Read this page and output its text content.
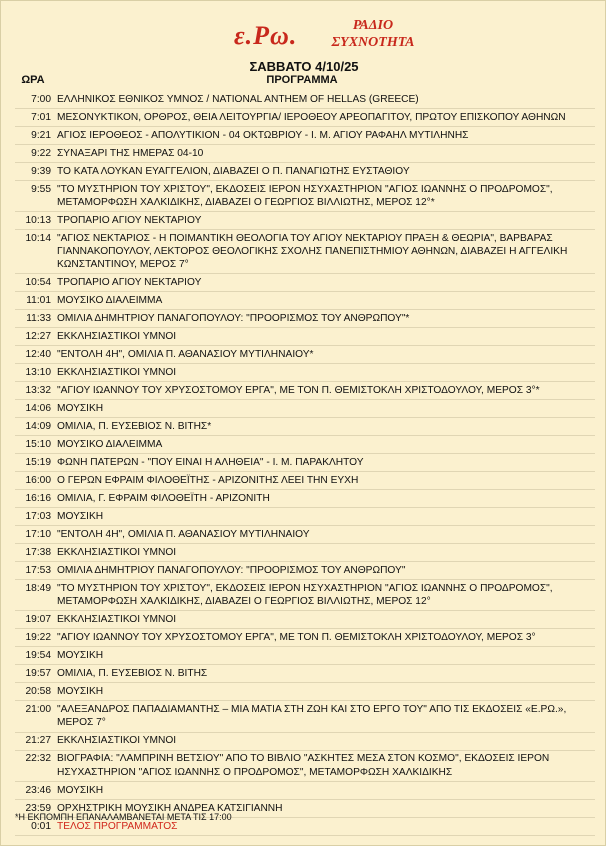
ε.Ρω.	ΡΑΔΙΟ
ΣΥΧΝΟΤΗΤΑ
ΣΑΒΒΑΤΟ 4/10/25
ΩΡΑ	ΠΡΟΓΡΑΜΜΑ
7:00 ΕΛΛΗΝΙΚΟΣ ΕΘΝΙΚΟΣ ΥΜΝΟΣ / NATIONAL ANTHEM OF HELLAS (GREECE)
7:01 ΜΕΣΟΝΥΚΤΙΚΟΝ, ΟΡΘΡΟΣ, ΘΕΙΑ ΛΕΙΤΟΥΡΓΙΑ/ ΙΕΡΟΘΕΟΥ ΑΡΕΟΠΑΓΙΤΟΥ, ΠΡΩΤΟΥ ΕΠΙΣΚΟΠΟΥ ΑΘΗΝΩΝ
9:21 ΑΓΙΟΣ ΙΕΡΟΘΕΟΣ - ΑΠΟΛΥΤΙΚΙΟΝ - 04 ΟΚΤΩΒΡΙΟΥ - Ι. Μ. ΑΓΙΟΥ ΡΑΦΑΗΛ ΜΥΤΙΛΗΝΗΣ
9:22 ΣΥΝΑΞΑΡΙ ΤΗΣ ΗΜΕΡΑΣ 04-10
9:39 ΤΟ ΚΑΤΑ ΛΟΥΚΑΝ ΕΥΑΓΓΕΛΙΟΝ, ΔΙΑΒΑΖΕΙ Ο Π. ΠΑΝΑΓΙΩΤΗΣ ΕΥΣΤΑΘΙΟΥ
9:55 "ΤΟ ΜΥΣΤΗΡΙΟΝ ΤΟΥ ΧΡΙΣΤΟΥ", ΕΚΔΟΣΕΙΣ ΙΕΡΟΝ ΗΣΥΧΑΣΤΗΡΙΟΝ "ΑΓΙΟΣ ΙΩΑΝΝΗΣ Ο ΠΡΟΔΡΟΜΟΣ", ΜΕΤΑΜΟΡΦΩΣΗ ΧΑΛΚΙΔΙΚΗΣ, ΔΙΑΒΑΖΕΙ Ο ΓΕΩΡΓΙΟΣ ΒΙΛΛΙΩΤΗΣ, ΜΕΡΟΣ 12°*
10:13 ΤΡΟΠΑΡΙΟ ΑΓΙΟΥ ΝΕΚΤΑΡΙΟΥ
10:14 "ΑΓΙΟΣ ΝΕΚΤΑΡΙΟΣ - Η ΠΟΙΜΑΝΤΙΚΗ ΘΕΟΛΟΓΙΑ ΤΟΥ ΑΓΙΟΥ ΝΕΚΤΑΡΙΟΥ ΠΡΑΞΗ & ΘΕΩΡΙΑ", ΒΑΡΒΑΡΑΣ ΓΙΑΝΝΑΚΟΠΟΥΛΟΥ, ΛΕΚΤΟΡΟΣ ΘΕΟΛΟΓΙΚΗΣ ΣΧΟΛΗΣ ΠΑΝΕΠΙΣΤΗΜΙΟΥ ΑΘΗΝΩΝ, ΔΙΑΒΑΖΕΙ Η ΑΓΓΕΛΙΚΗ ΚΩΝΣΤΑΝΤΙΝΟΥ, ΜΕΡΟΣ 7°
10:54 ΤΡΟΠΑΡΙΟ ΑΓΙΟΥ ΝΕΚΤΑΡΙΟΥ
11:01 ΜΟΥΣΙΚΟ ΔΙΑΛΕΙΜΜΑ
11:33 ΟΜΙΛΙΑ ΔΗΜΗΤΡΙΟΥ ΠΑΝΑΓΟΠΟΥΛΟΥ: "ΠΡΟΟΡΙΣΜΟΣ ΤΟΥ ΑΝΘΡΩΠΟΥ"*
12:27 ΕΚΚΛΗΣΙΑΣΤΙΚΟΙ ΥΜΝΟΙ
12:40 "ΕΝΤΟΛΗ 4Η", ΟΜΙΛΙΑ Π. ΑΘΑΝΑΣΙΟΥ ΜΥΤΙΛΗΝΑΙΟΥ*
13:10 ΕΚΚΛΗΣΙΑΣΤΙΚΟΙ ΥΜΝΟΙ
13:32 "ΑΓΙΟΥ ΙΩΑΝΝΟΥ ΤΟΥ ΧΡΥΣΟΣΤΟΜΟΥ ΕΡΓΑ", ΜΕ ΤΟΝ Π. ΘΕΜΙΣΤΟΚΛΗ ΧΡΙΣΤΟΔΟΥΛΟΥ, ΜΕΡΟΣ 3°*
14:06 ΜΟΥΣΙΚΗ
14:09 ΟΜΙΛΙΑ, Π. ΕΥΣΕΒΙΟΣ Ν. ΒΙΤΗΣ*
15:10 ΜΟΥΣΙΚΟ ΔΙΑΛΕΙΜΜΑ
15:19 ΦΩΝΗ ΠΑΤΕΡΩΝ - "ΠΟΥ ΕΙΝΑΙ Η ΑΛΗΘΕΙΑ" - Ι. Μ. ΠΑΡΑΚΛΗΤΟΥ
16:00 Ο ΓΕΡΩΝ ΕΦΡΑΙΜ ΦΙΛΟΘΕΪΤΗΣ - ΑΡΙΖΟΝΙΤΗΣ ΛΕΕΙ ΤΗΝ ΕΥΧΗ
16:16 ΟΜΙΛΙΑ, Γ. ΕΦΡΑΙΜ ΦΙΛΟΘΕΪΤΗ - ΑΡΙΖΟΝΙΤΗ
17:03 ΜΟΥΣΙΚΗ
17:10 "ΕΝΤΟΛΗ 4Η", ΟΜΙΛΙΑ Π. ΑΘΑΝΑΣΙΟΥ ΜΥΤΙΛΗΝΑΙΟΥ
17:38 ΕΚΚΛΗΣΙΑΣΤΙΚΟΙ ΥΜΝΟΙ
17:53 ΟΜΙΛΙΑ ΔΗΜΗΤΡΙΟΥ ΠΑΝΑΓΟΠΟΥΛΟΥ: "ΠΡΟΟΡΙΣΜΟΣ ΤΟΥ ΑΝΘΡΩΠΟΥ"
18:49 "ΤΟ ΜΥΣΤΗΡΙΟΝ ΤΟΥ ΧΡΙΣΤΟΥ", ΕΚΔΟΣΕΙΣ ΙΕΡΟΝ ΗΣΥΧΑΣΤΗΡΙΟΝ "ΑΓΙΟΣ ΙΩΑΝΝΗΣ Ο ΠΡΟΔΡΟΜΟΣ", ΜΕΤΑΜΟΡΦΩΣΗ ΧΑΛΚΙΔΙΚΗΣ, ΔΙΑΒΑΖΕΙ Ο ΓΕΩΡΓΙΟΣ ΒΙΛΛΙΩΤΗΣ, ΜΕΡΟΣ 12°
19:07 ΕΚΚΛΗΣΙΑΣΤΙΚΟΙ ΥΜΝΟΙ
19:22 "ΑΓΙΟΥ ΙΩΑΝΝΟΥ ΤΟΥ ΧΡΥΣΟΣΤΟΜΟΥ ΕΡΓΑ", ΜΕ ΤΟΝ Π. ΘΕΜΙΣΤΟΚΛΗ ΧΡΙΣΤΟΔΟΥΛΟΥ, ΜΕΡΟΣ 3°
19:54 ΜΟΥΣΙΚΗ
19:57 ΟΜΙΛΙΑ, Π. ΕΥΣΕΒΙΟΣ Ν. ΒΙΤΗΣ
20:58 ΜΟΥΣΙΚΗ
21:00 "ΑΛΕΞΑΝΔΡΟΣ ΠΑΠΑΔΙΑΜΑΝΤΗΣ – ΜΙΑ ΜΑΤΙΑ ΣΤΗ ΖΩΗ ΚΑΙ ΣΤΟ ΕΡΓΟ ΤΟΥ" ΑΠΟ ΤΙΣ ΕΚΔΟΣΕΙΣ «Ε.ΡΩ.», ΜΕΡΟΣ 7°
21:27 ΕΚΚΛΗΣΙΑΣΤΙΚΟΙ ΥΜΝΟΙ
22:32 ΒΙΟΓΡΑΦΙΑ: "ΛΑΜΠΡΙΝΗ ΒΕΤΣΙΟΥ" ΑΠΟ ΤΟ ΒΙΒΛΙΟ "ΑΣΚΗΤΕΣ ΜΕΣΑ ΣΤΟΝ ΚΟΣΜΟ", ΕΚΔΟΣΕΙΣ ΙΕΡΟΝ ΗΣΥΧΑΣΤΗΡΙΟΝ "ΑΓΙΟΣ ΙΩΑΝΝΗΣ Ο ΠΡΟΔΡΟΜΟΣ", ΜΕΤΑΜΟΡΦΩΣΗ ΧΑΛΚΙΔΙΚΗΣ
23:46 ΜΟΥΣΙΚΗ
23:59 ΟΡΧΗΣΤΡΙΚΗ ΜΟΥΣΙΚΗ ΑΝΔΡΕΑ ΚΑΤΣΙΓΙΑΝΝΗ
0:01 ΤΕΛΟΣ ΠΡΟΓΡΑΜΜΑΤΟΣ
*Η ΕΚΠΟΜΠΗ ΕΠΑΝΑΛΑΜΒΑΝΕΤΑΙ ΜΕΤΑ ΤΙΣ 17:00
